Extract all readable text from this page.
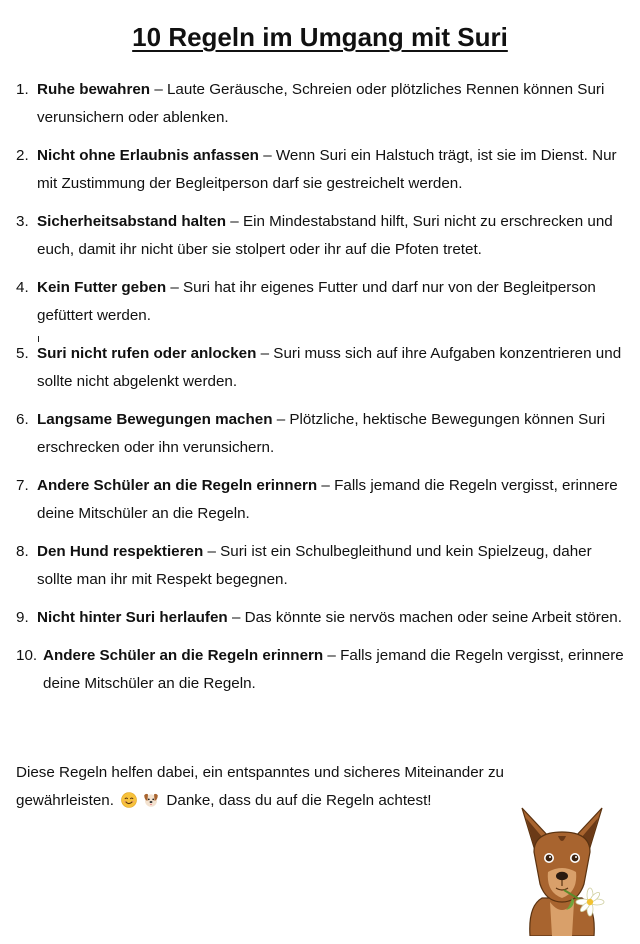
10 Regeln im Umgang mit Suri
1. Ruhe bewahren – Laute Geräusche, Schreien oder plötzliches Rennen können Suri verunsichern oder ablenken.
2. Nicht ohne Erlaubnis anfassen – Wenn Suri ein Halstuch trägt, ist sie im Dienst. Nur mit Zustimmung der Begleitperson darf sie gestreichelt werden.
3. Sicherheitsabstand halten – Ein Mindestabstand hilft, Suri nicht zu erschrecken und euch, damit ihr nicht über sie stolpert oder ihr auf die Pfoten tretet.
4. Kein Futter geben – Suri hat ihr eigenes Futter und darf nur von der Begleitperson gefüttert werden.
5. Suri nicht rufen oder anlocken – Suri muss sich auf ihre Aufgaben konzentrieren und sollte nicht abgelenkt werden.
6. Langsame Bewegungen machen – Plötzliche, hektische Bewegungen können Suri erschrecken oder ihn verunsichern.
7. Andere Schüler an die Regeln erinnern – Falls jemand die Regeln vergisst, erinnere deine Mitschüler an die Regeln.
8. Den Hund respektieren – Suri ist ein Schulbegleithund und kein Spielzeug, daher sollte man ihr mit Respekt begegnen.
9. Nicht hinter Suri herlaufen – Das könnte sie nervös machen oder seine Arbeit stören.
10. Andere Schüler an die Regeln erinnern – Falls jemand die Regeln vergisst, erinnere deine Mitschüler an die Regeln.

Diese Regeln helfen dabei, ein entspanntes und sicheres Miteinander zu gewährleisten.	Danke, dass du auf die Regeln achtest!
